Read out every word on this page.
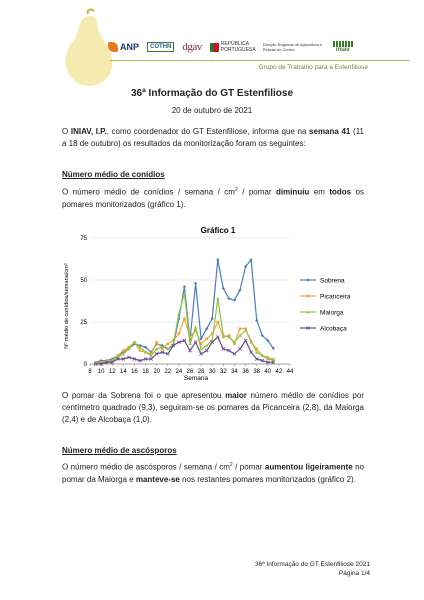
ANP COTHN dgav	REPÚBLICA PORTUGUESA
Direção Regional de Agricultura e Pescas do Centro	iniav
Grupo de Trabalho para a Estenfiliose
36ª Informação do GT Estenfiliose
20 de outubro de 2021
O INIAV, I.P., como coordenador do GT Estenfiliose, informa que na semana 41 (11 a 18 de outubro) os resultados da monitorização foram os seguintes:
Número médio de conídios
O número médio de conídios / semana / $cm^2$ / pomar diminuiu em todos os pomares monitorizados (gráfico 1).
Gráfico 1
0
25
50
75
8 10 12 14 16 18 20 22 24 26 28 30 32 34 36 38 40 42 44
Sobrena
Picanceira
Maiorga
Alcobaça
Nº médio de conídios/semana/cm²
Semana
O pomar da Sobrena foi o que apresentou maior número médio de conídios por centímetro quadrado (9,3), seguiram-se os pomares da Picanceira (2,8), da Maiorga (2,4) e de Alcobaça (1,0).
Número médio de ascósporos
O número médio de ascósporos / semana / $cm^2$ / pomar aumentou ligeiramente no pomar da Maiorga e manteve-se nos restantes pomares monitorizados (gráfico 2).
36ª Informação do GT Estenfiliose 2021
Página 1/4
